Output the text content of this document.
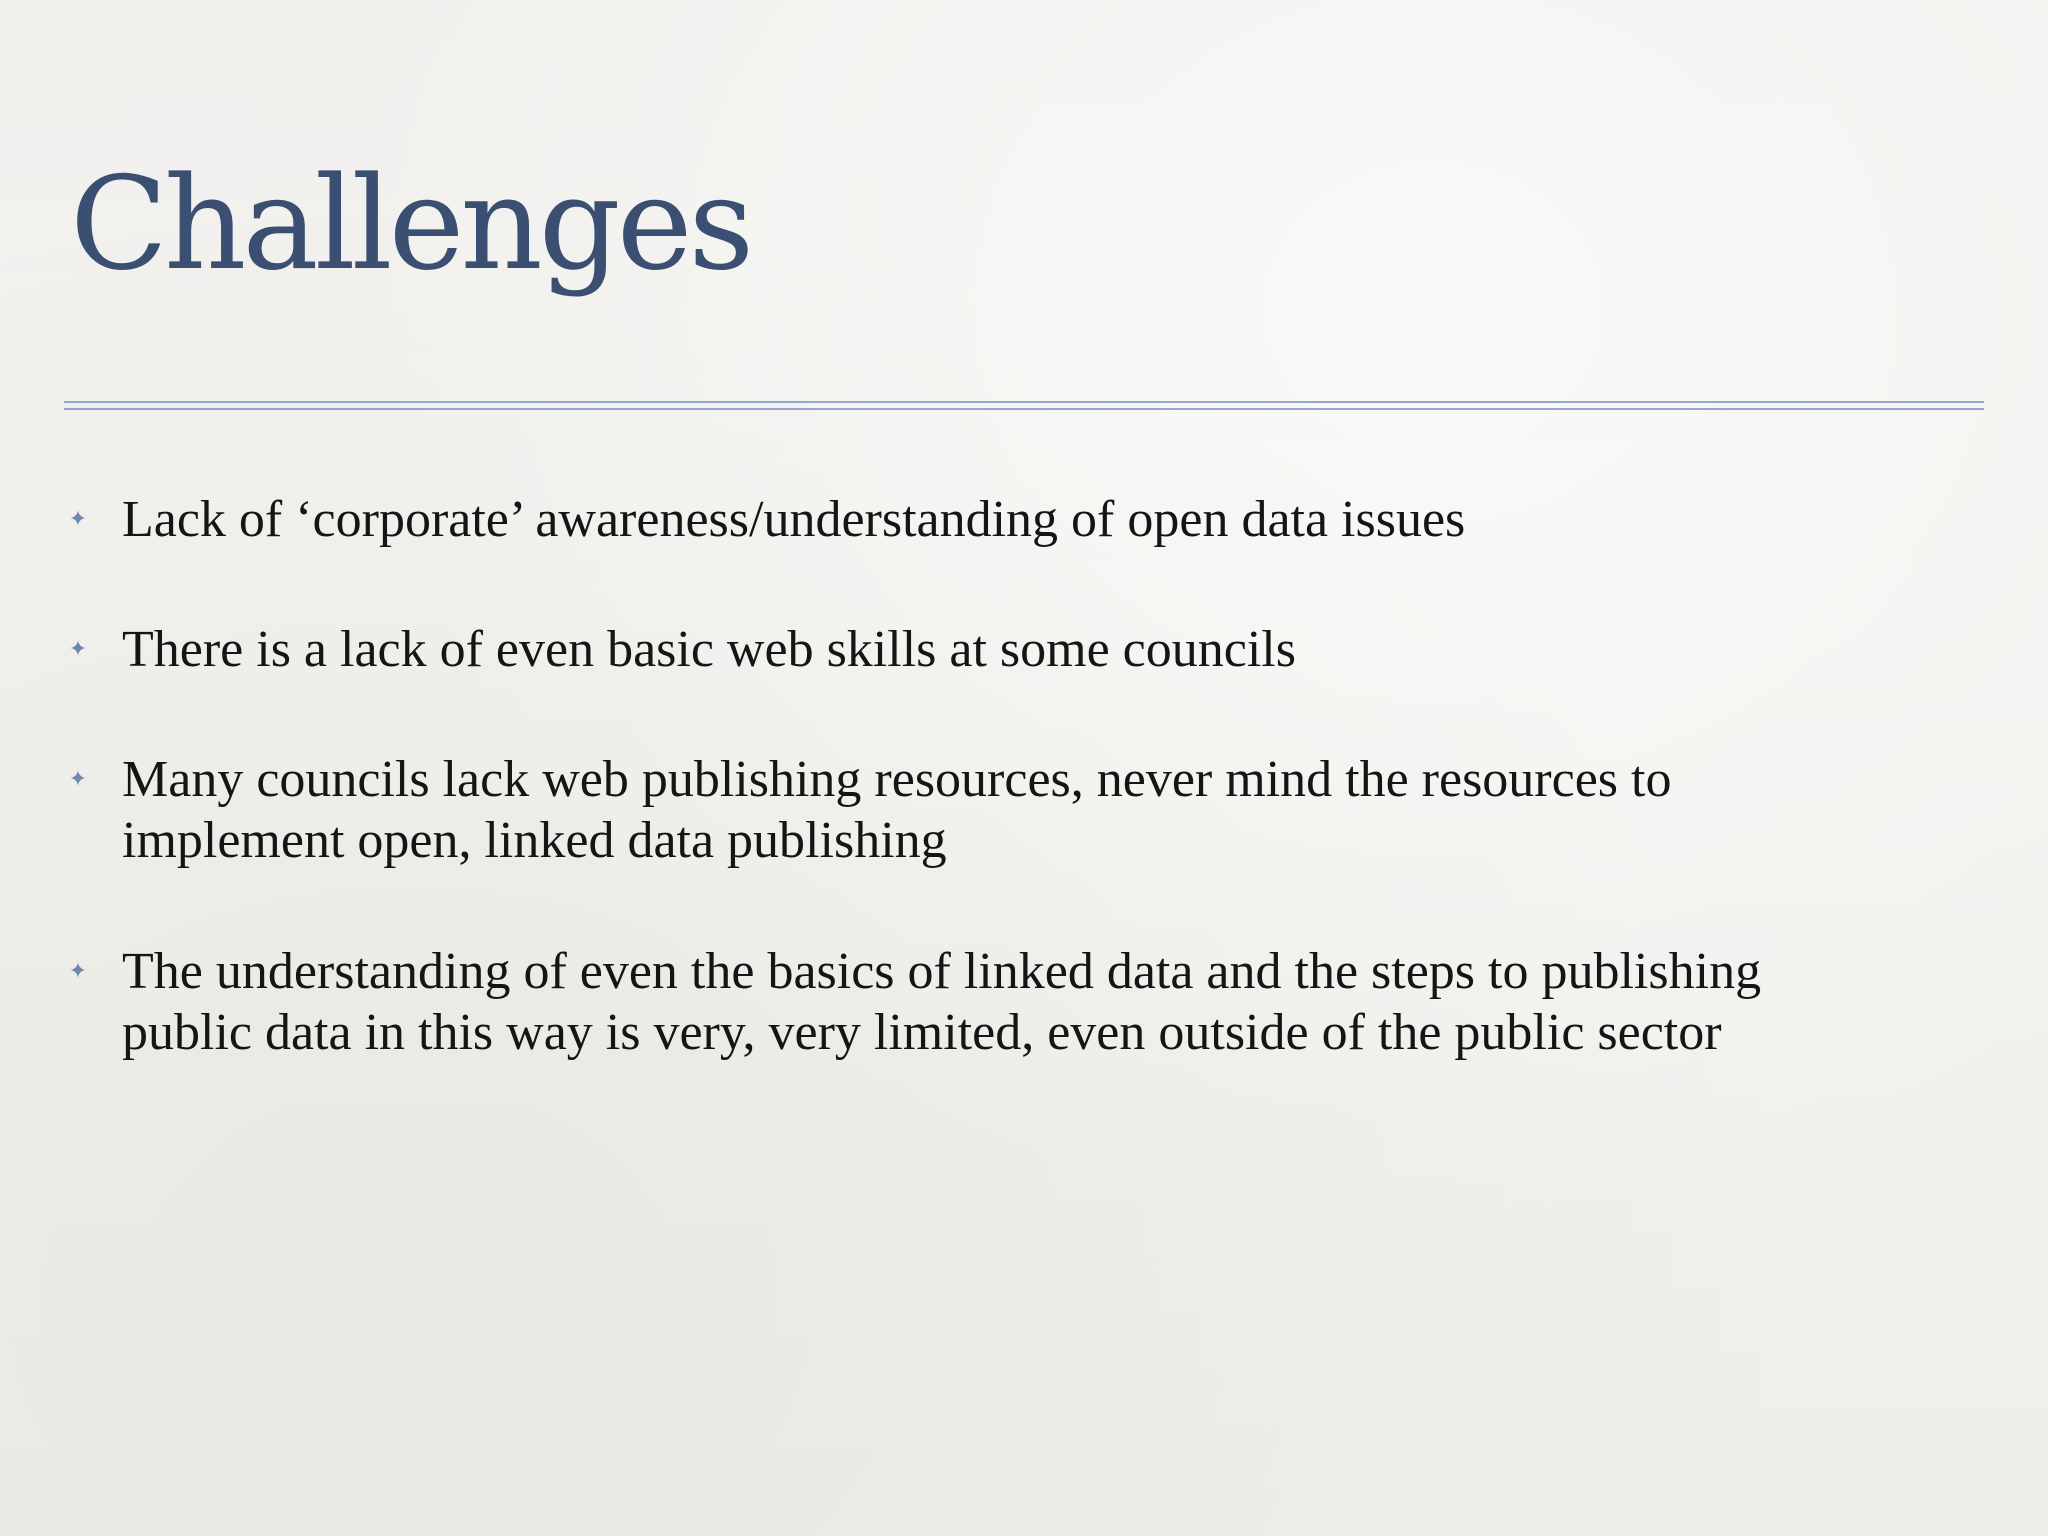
Challenges
✦ Lack of ‘corporate’ awareness/understanding of open data issues
✦ There is a lack of even basic web skills at some councils
✦ Many councils lack web publishing resources, never mind the resources to
implement open, linked data publishing
✦ The understanding of even the basics of linked data and the steps to publishing
public data in this way is very, very limited, even outside of the public sector
